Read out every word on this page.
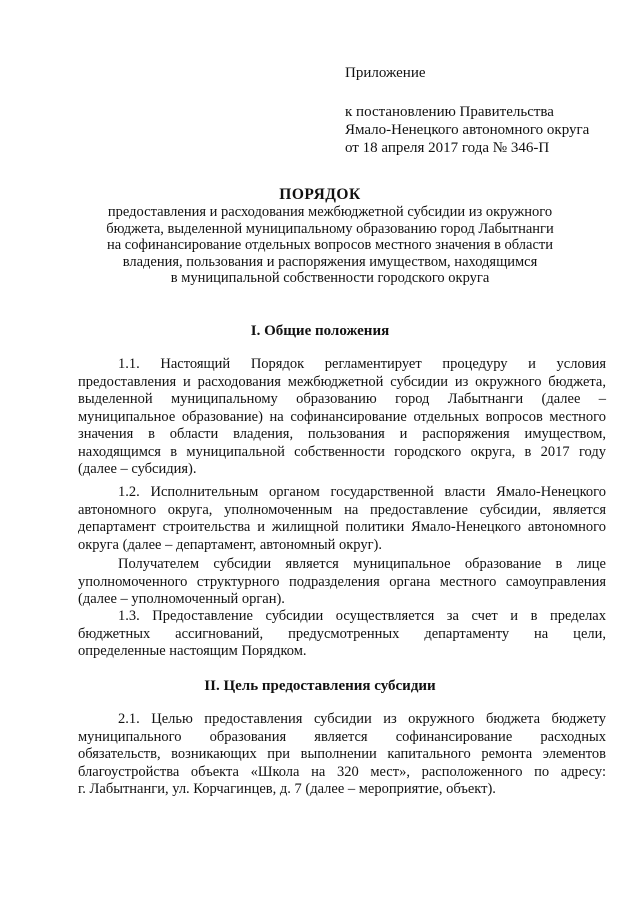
Приложение
к постановлению Правительства
Ямало-Ненецкого автономного округа
от 18 апреля 2017 года № 346-П
ПОРЯДОК
предоставления и расходования межбюджетной субсидии из окружного
бюджета, выделенной муниципальному образованию город Лабытнанги
на софинансирование отдельных вопросов местного значения в области
владения, пользования и распоряжения имуществом, находящимся
в муниципальной собственности городского округа
I. Общие положения
1.1. Настоящий Порядок регламентирует процедуру и условия
предоставления и расходования межбюджетной субсидии из окружного бюджета,
выделенной муниципальному образованию город Лабытнанги (далее –
муниципальное образование) на софинансирование отдельных вопросов местного
значения в области владения, пользования и распоряжения имуществом,
находящимся в муниципальной собственности городского округа, в 2017 году
(далее – субсидия).
1.2. Исполнительным органом государственной власти Ямало-Ненецкого
автономного округа, уполномоченным на предоставление субсидии, является
департамент строительства и жилищной политики Ямало-Ненецкого автономного
округа (далее – департамент, автономный округ).
Получателем субсидии является муниципальное образование в лице
уполномоченного структурного подразделения органа местного самоуправления
(далее – уполномоченный орган).
1.3. Предоставление субсидии осуществляется за счет и в пределах
бюджетных ассигнований, предусмотренных департаменту на цели,
определенные настоящим Порядком.
II. Цель предоставления субсидии
2.1. Целью предоставления субсидии из окружного бюджета бюджету
муниципального образования является софинансирование расходных
обязательств, возникающих при выполнении капитального ремонта элементов
благоустройства объекта «Школа на 320 мест», расположенного по адресу:
г. Лабытнанги, ул. Корчагинцев, д. 7 (далее – мероприятие, объект).
